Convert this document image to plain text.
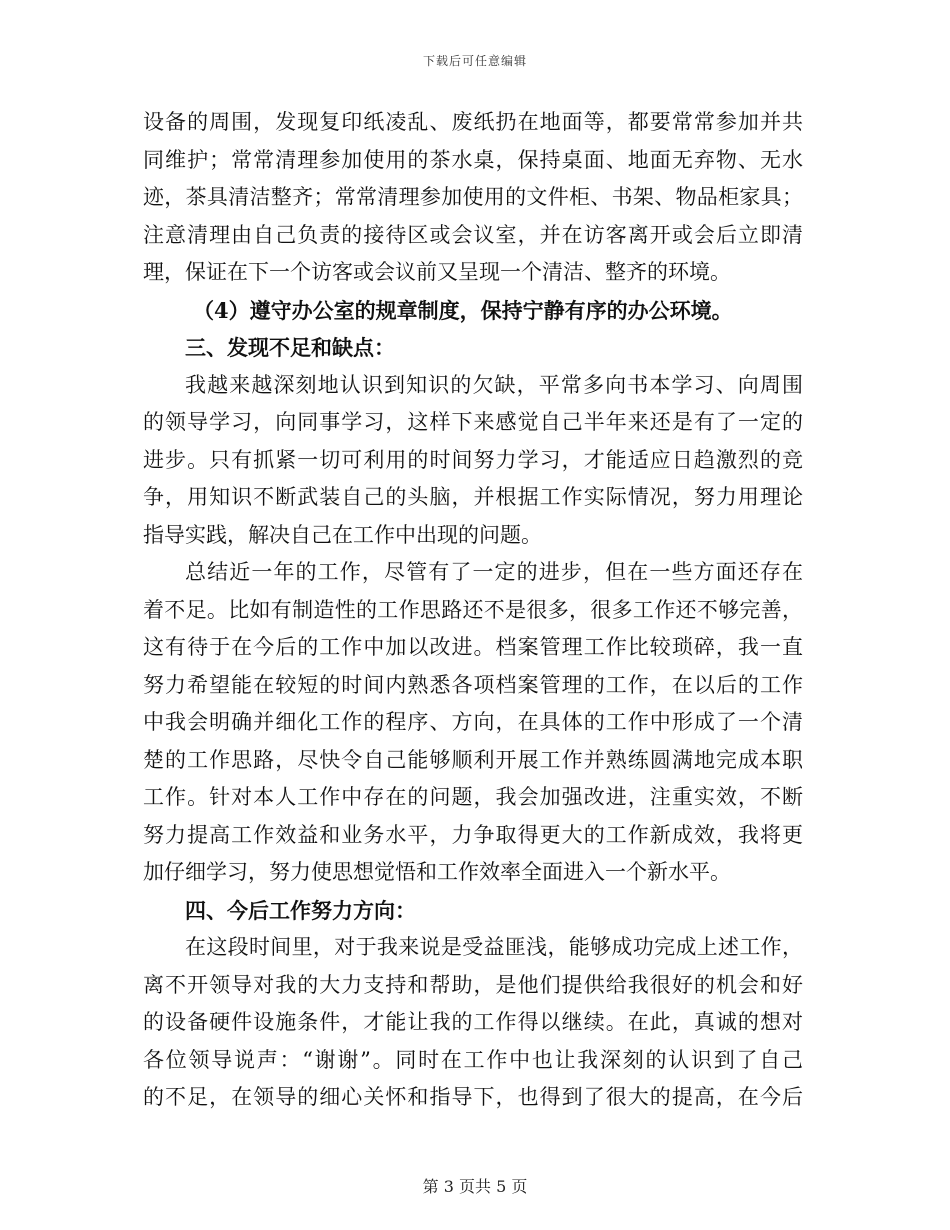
下载后可任意编辑
设备的周围，发现复印纸凌乱、废纸扔在地面等，都要常常参加并共
同维护；常常清理参加使用的茶水桌，保持桌面、地面无弃物、无水
迹，茶具清洁整齐；常常清理参加使用的文件柜、书架、物品柜家具；
注意清理由自己负责的接待区或会议室，并在访客离开或会后立即清
理，保证在下一个访客或会议前又呈现一个清洁、整齐的环境。
（4）遵守办公室的规章制度，保持宁静有序的办公环境。
三、发现不足和缺点：
我越来越深刻地认识到知识的欠缺，平常多向书本学习、向周围
的领导学习，向同事学习，这样下来感觉自己半年来还是有了一定的
进步。只有抓紧一切可利用的时间努力学习，才能适应日趋激烈的竞
争，用知识不断武装自己的头脑，并根据工作实际情况，努力用理论
指导实践，解决自己在工作中出现的问题。
总结近一年的工作，尽管有了一定的进步，但在一些方面还存在
着不足。比如有制造性的工作思路还不是很多，很多工作还不够完善，
这有待于在今后的工作中加以改进。档案管理工作比较琐碎，我一直
努力希望能在较短的时间内熟悉各项档案管理的工作，在以后的工作
中我会明确并细化工作的程序、方向，在具体的工作中形成了一个清
楚的工作思路，尽快令自己能够顺利开展工作并熟练圆满地完成本职
工作。针对本人工作中存在的问题，我会加强改进，注重实效，不断
努力提高工作效益和业务水平，力争取得更大的工作新成效，我将更
加仔细学习，努力使思想觉悟和工作效率全面进入一个新水平。
四、今后工作努力方向：
在这段时间里，对于我来说是受益匪浅，能够成功完成上述工作，
离不开领导对我的大力支持和帮助，是他们提供给我很好的机会和好
的设备硬件设施条件，才能让我的工作得以继续。在此，真诚的想对
各位领导说声：“谢谢”。同时在工作中也让我深刻的认识到了自己
的不足，在领导的细心关怀和指导下，也得到了很大的提高，在今后
第 3 页共 5 页
